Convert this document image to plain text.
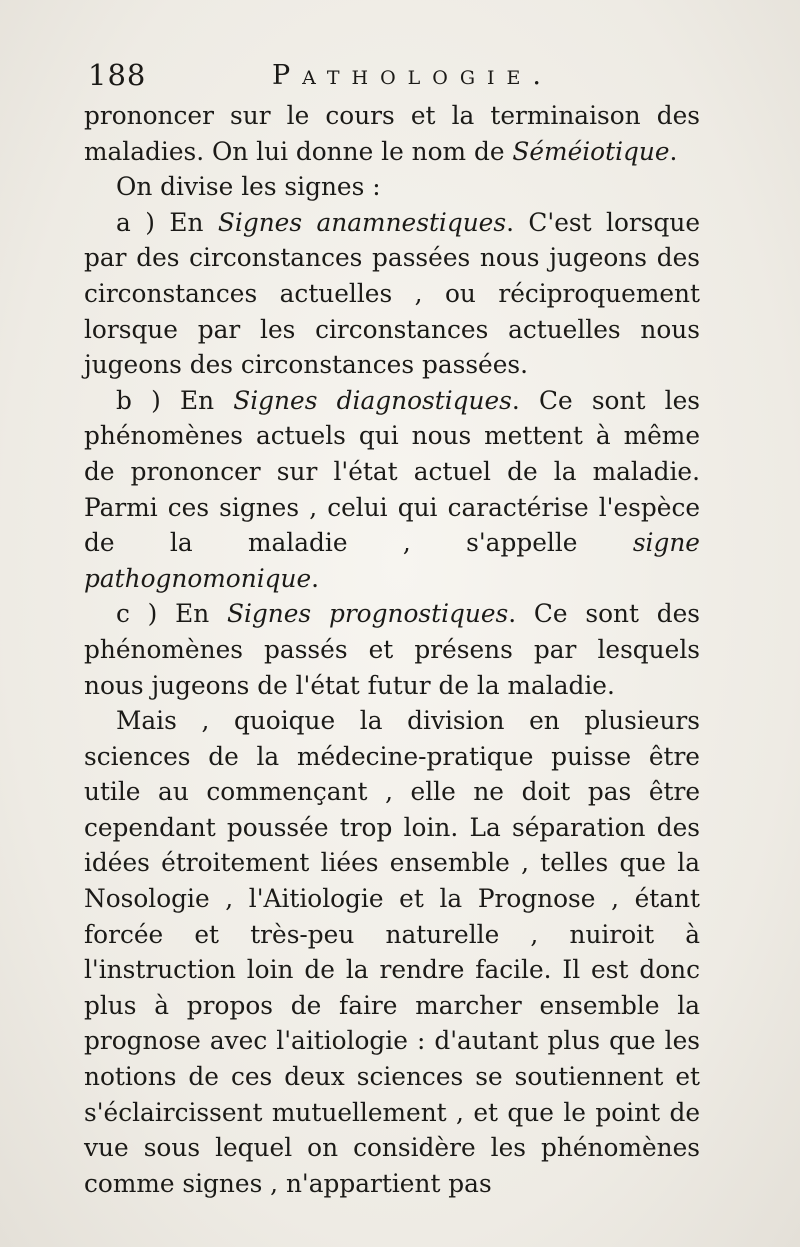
188	Pathologie.

prononcer sur le cours et la terminaison des maladies. On lui donne le nom de Séméiotique.

On divise les signes :

a ) En Signes anamnestiques. C'est lorsque par des circonstances passées nous jugeons des circonstances actuelles , ou réciproquement lorsque par les circonstances actuelles nous jugeons des circonstances passées.

b ) En Signes diagnostiques. Ce sont les phénomènes actuels qui nous mettent à même de prononcer sur l'état actuel de la maladie. Parmi ces signes , celui qui caractérise l'espèce de la maladie , s'appelle signe pathognomonique.

c ) En Signes prognostiques. Ce sont des phénomènes passés et présens par lesquels nous jugeons de l'état futur de la maladie.

Mais , quoique la division en plusieurs sciences de la médecine-pratique puisse être utile au commençant , elle ne doit pas être cependant poussée trop loin. La séparation des idées étroitement liées ensemble , telles que la Nosologie , l'Aitiologie et la Prognose , étant forcée et très-peu naturelle , nuiroit à l'instruction loin de la rendre facile. Il est donc plus à propos de faire marcher ensemble la prognose avec l'aitiologie : d'autant plus que les notions de ces deux sciences se soutiennent et s'éclaircissent mutuellement , et que le point de vue sous lequel on considère les phénomènes comme signes , n'appartient pas
